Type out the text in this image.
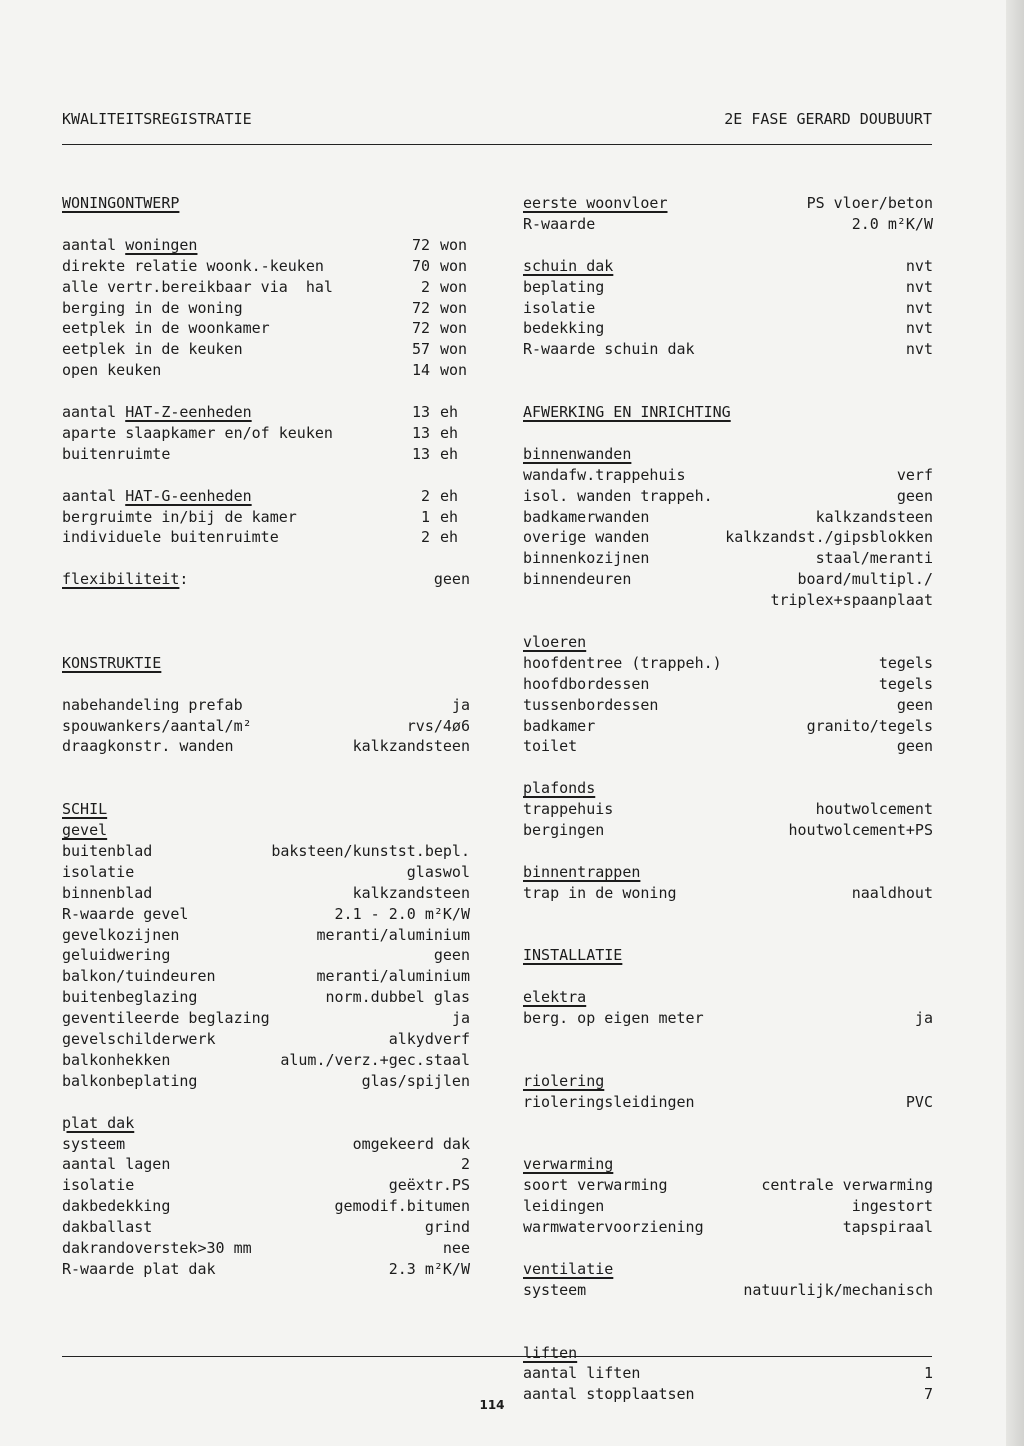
KWALITEITSREGISTRATIE	2E FASE GERARD DOUBUURT
WONINGONTWERP
aantal woningen	72 won
direkte relatie woonk.-keuken	70 won
alle vertr.bereikbaar via  hal	2 won
berging in de woning	72 won
eetplek in de woonkamer	72 won
eetplek in de keuken	57 won
open keuken	14 won
aantal HAT-Z-eenheden	13 eh
aparte slaapkamer en/of keuken	13 eh
buitenruimte	13 eh
aantal HAT-G-eenheden	2 eh
bergruimte in/bij de kamer	1 eh
individuele buitenruimte	2 eh
flexibiliteit:	geen
KONSTRUKTIE
nabehandeling prefab	ja
spouwankers/aantal/m²	rvs/4ø6
draagkonstr. wanden	kalkzandsteen
SCHIL
gevel
buitenblad	baksteen/kunstst.bepl.
isolatie	glaswol
binnenblad	kalkzandsteen
R-waarde gevel	2.1 - 2.0 m²K/W
gevelkozijnen	meranti/aluminium
geluidwering	geen
balkon/tuindeuren	meranti/aluminium
buitenbeglazing	norm.dubbel glas
geventileerde beglazing	ja
gevelschilderwerk	alkydverf
balkonhekken	alum./verz.+gec.staal
balkonbeplating	glas/spijlen
plat dak
systeem	omgekeerd dak
aantal lagen	2
isolatie	geëxtr.PS
dakbedekking	gemodif.bitumen
dakballast	grind
dakrandoverstek>30 mm	nee
R-waarde plat dak	2.3 m²K/W
eerste woonvloer	PS vloer/beton
R-waarde	2.0 m²K/W
schuin dak	nvt
beplating	nvt
isolatie	nvt
bedekking	nvt
R-waarde schuin dak	nvt
AFWERKING EN INRICHTING
binnenwanden
wandafw.trappehuis	verf
isol. wanden trappeh.	geen
badkamerwanden	kalkzandsteen
overige wanden	kalkzandst./gipsblokken
binnenkozijnen	staal/meranti
binnendeuren	board/multipl./
triplex+spaanplaat
vloeren
hoofdentree (trappeh.)	tegels
hoofdbordessen	tegels
tussenbordessen	geen
badkamer	granito/tegels
toilet	geen
plafonds
trappehuis	houtwolcement
bergingen	houtwolcement+PS
binnentrappen
trap in de woning	naaldhout
INSTALLATIE
elektra
berg. op eigen meter	ja
riolering
rioleringsleidingen	PVC
verwarming
soort verwarming	centrale verwarming
leidingen	ingestort
warmwatervoorziening	tapspiraal
ventilatie
systeem	natuurlijk/mechanisch
liften
aantal liften	1
aantal stopplaatsen	7
114
